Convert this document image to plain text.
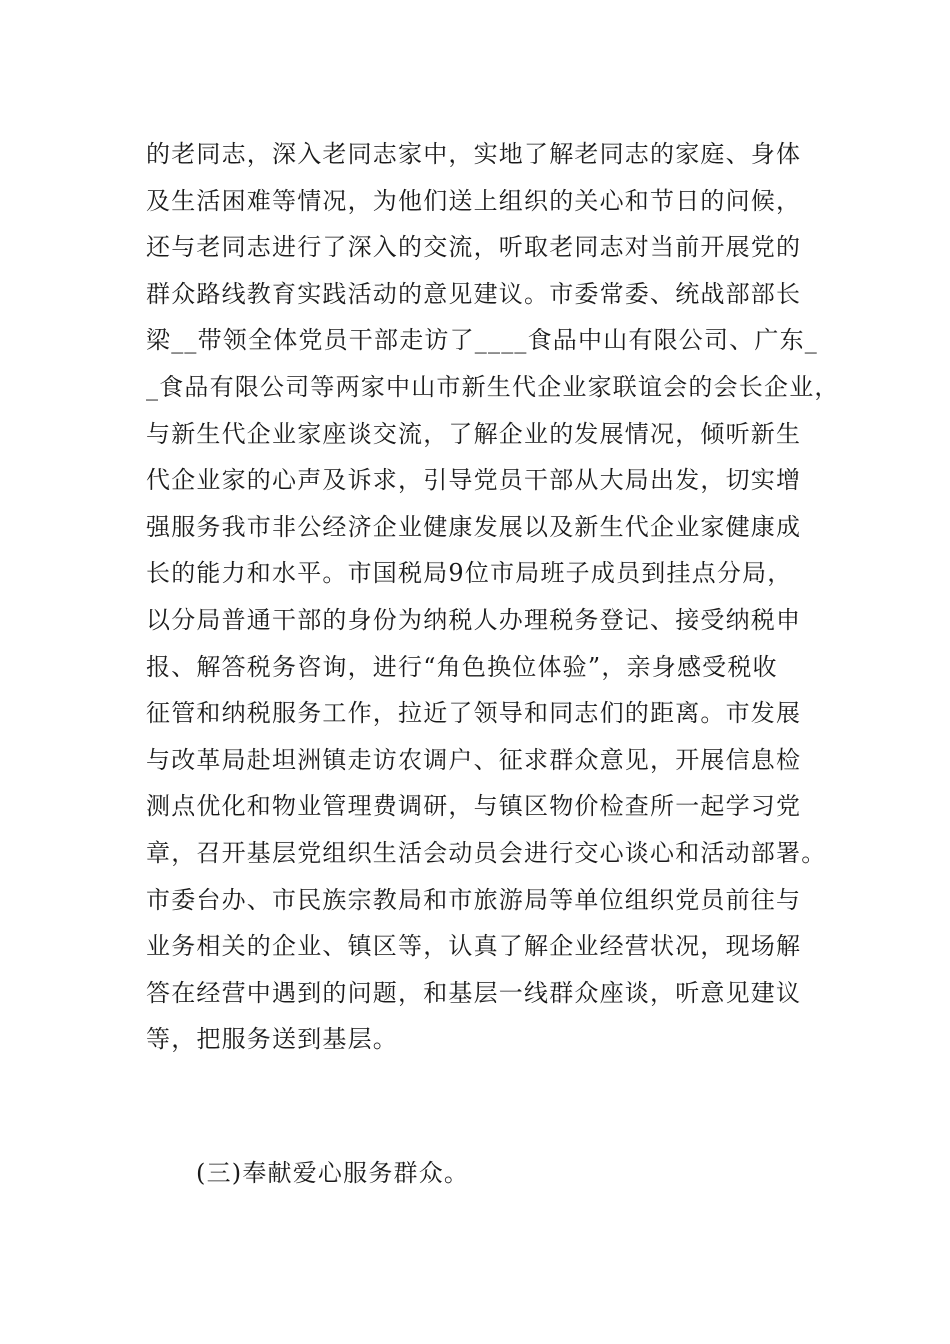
的老同志，深入老同志家中，实地了解老同志的家庭、身体
及生活困难等情况，为他们送上组织的关心和节日的问候，
还与老同志进行了深入的交流，听取老同志对当前开展党的
群众路线教育实践活动的意见建议。市委常委、统战部部长
梁__带领全体党员干部走访了____食品中山有限公司、广东_
_食品有限公司等两家中山市新生代企业家联谊会的会长企业，
与新生代企业家座谈交流，了解企业的发展情况，倾听新生
代企业家的心声及诉求，引导党员干部从大局出发，切实增
强服务我市非公经济企业健康发展以及新生代企业家健康成
长的能力和水平。市国税局9位市局班子成员到挂点分局，
以分局普通干部的身份为纳税人办理税务登记、接受纳税申
报、解答税务咨询，进行“角色换位体验”，亲身感受税收
征管和纳税服务工作，拉近了领导和同志们的距离。市发展
与改革局赴坦洲镇走访农调户、征求群众意见，开展信息检
测点优化和物业管理费调研，与镇区物价检查所一起学习党
章，召开基层党组织生活会动员会进行交心谈心和活动部署。
市委台办、市民族宗教局和市旅游局等单位组织党员前往与
业务相关的企业、镇区等，认真了解企业经营状况，现场解
答在经营中遇到的问题，和基层一线群众座谈，听意见建议
等，把服务送到基层。
(三)奉献爱心服务群众。
